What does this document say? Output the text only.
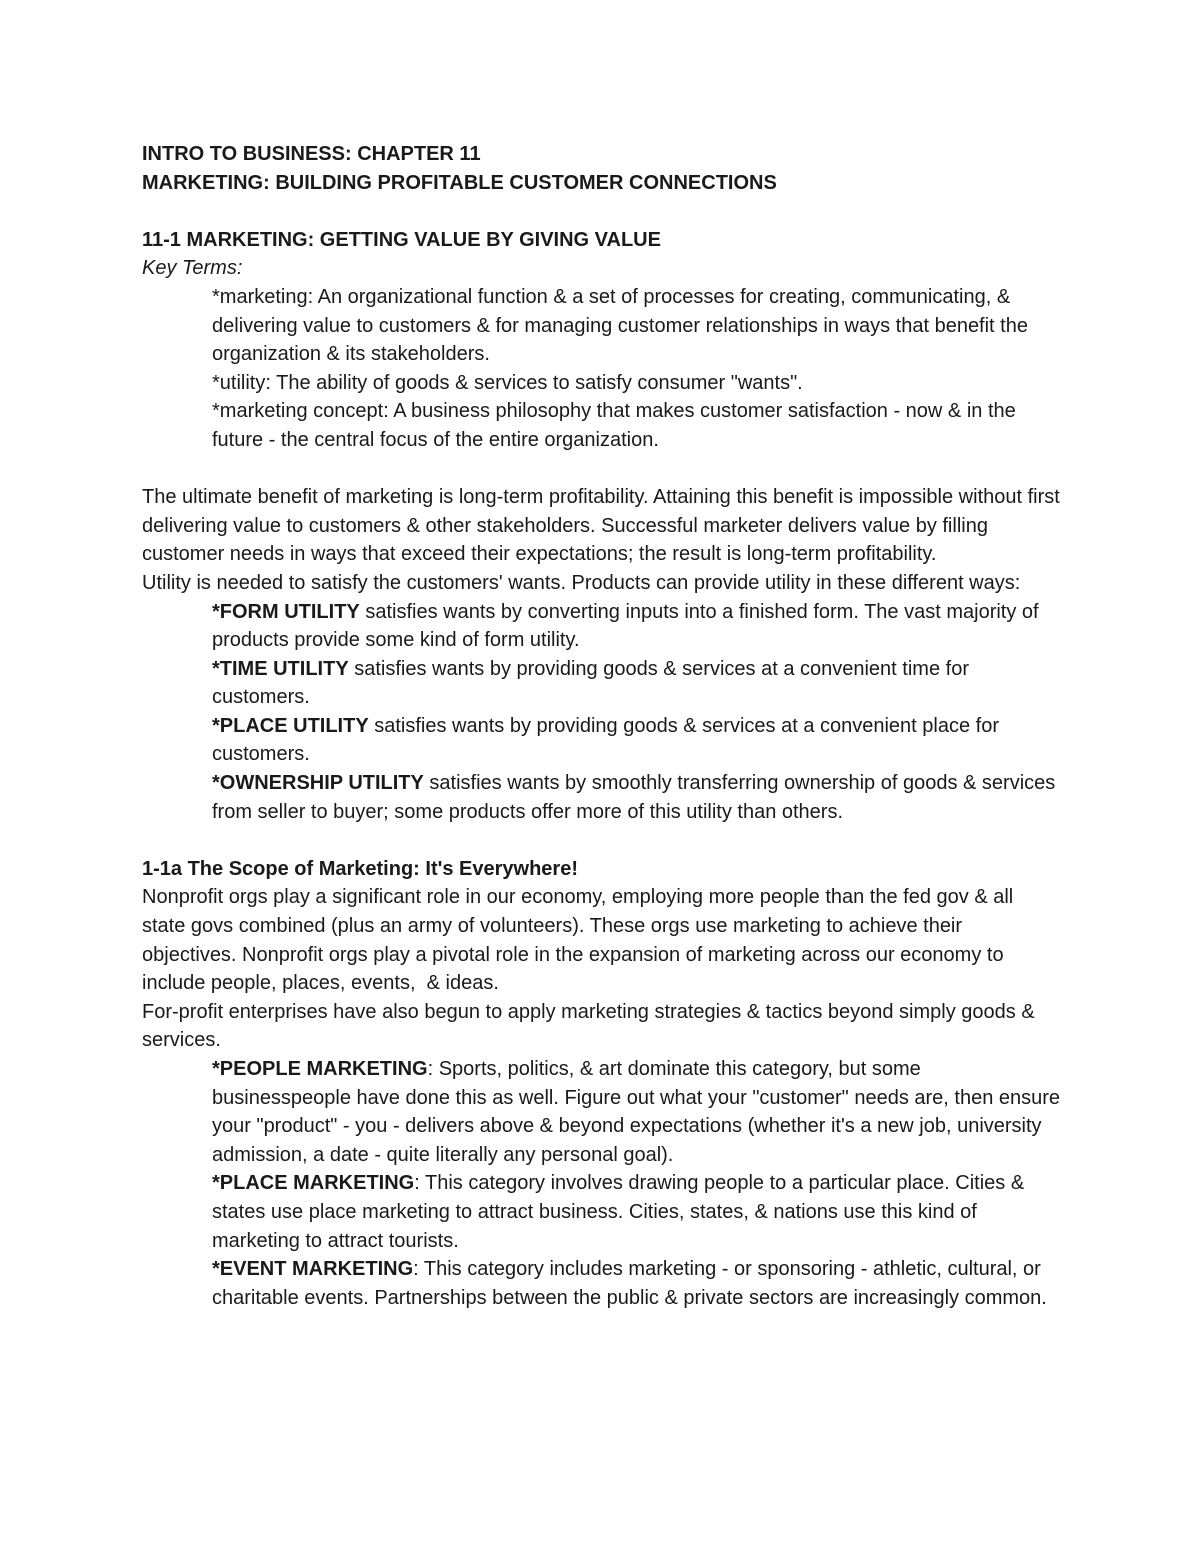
INTRO TO BUSINESS: CHAPTER 11

MARKETING: BUILDING PROFITABLE CUSTOMER CONNECTIONS

11-1 MARKETING: GETTING VALUE BY GIVING VALUE

Key Terms:

*marketing: An organizational function & a set of processes for creating, communicating, & delivering value to customers & for managing customer relationships in ways that benefit the organization & its stakeholders.

*utility: The ability of goods & services to satisfy consumer "wants".

*marketing concept: A business philosophy that makes customer satisfaction - now & in the future - the central focus of the entire organization.

The ultimate benefit of marketing is long-term profitability. Attaining this benefit is impossible without first delivering value to customers & other stakeholders. Successful marketer delivers value by filling customer needs in ways that exceed their expectations; the result is long-term profitability.

Utility is needed to satisfy the customers' wants. Products can provide utility in these different ways:

*FORM UTILITY satisfies wants by converting inputs into a finished form. The vast majority of products provide some kind of form utility.

*TIME UTILITY satisfies wants by providing goods & services at a convenient time for customers.

*PLACE UTILITY satisfies wants by providing goods & services at a convenient place for customers.

*OWNERSHIP UTILITY satisfies wants by smoothly transferring ownership of goods & services from seller to buyer; some products offer more of this utility than others.

1-1a The Scope of Marketing: It's Everywhere!

Nonprofit orgs play a significant role in our economy, employing more people than the fed gov & all state govs combined (plus an army of volunteers). These orgs use marketing to achieve their objectives. Nonprofit orgs play a pivotal role in the expansion of marketing across our economy to include people, places, events,  & ideas.

For-profit enterprises have also begun to apply marketing strategies & tactics beyond simply goods & services.

*PEOPLE MARKETING: Sports, politics, & art dominate this category, but some businesspeople have done this as well. Figure out what your "customer" needs are, then ensure your "product" - you - delivers above & beyond expectations (whether it's a new job, university admission, a date - quite literally any personal goal).

*PLACE MARKETING: This category involves drawing people to a particular place. Cities & states use place marketing to attract business. Cities, states, & nations use this kind of marketing to attract tourists.

*EVENT MARKETING: This category includes marketing - or sponsoring - athletic, cultural, or charitable events. Partnerships between the public & private sectors are increasingly common.
